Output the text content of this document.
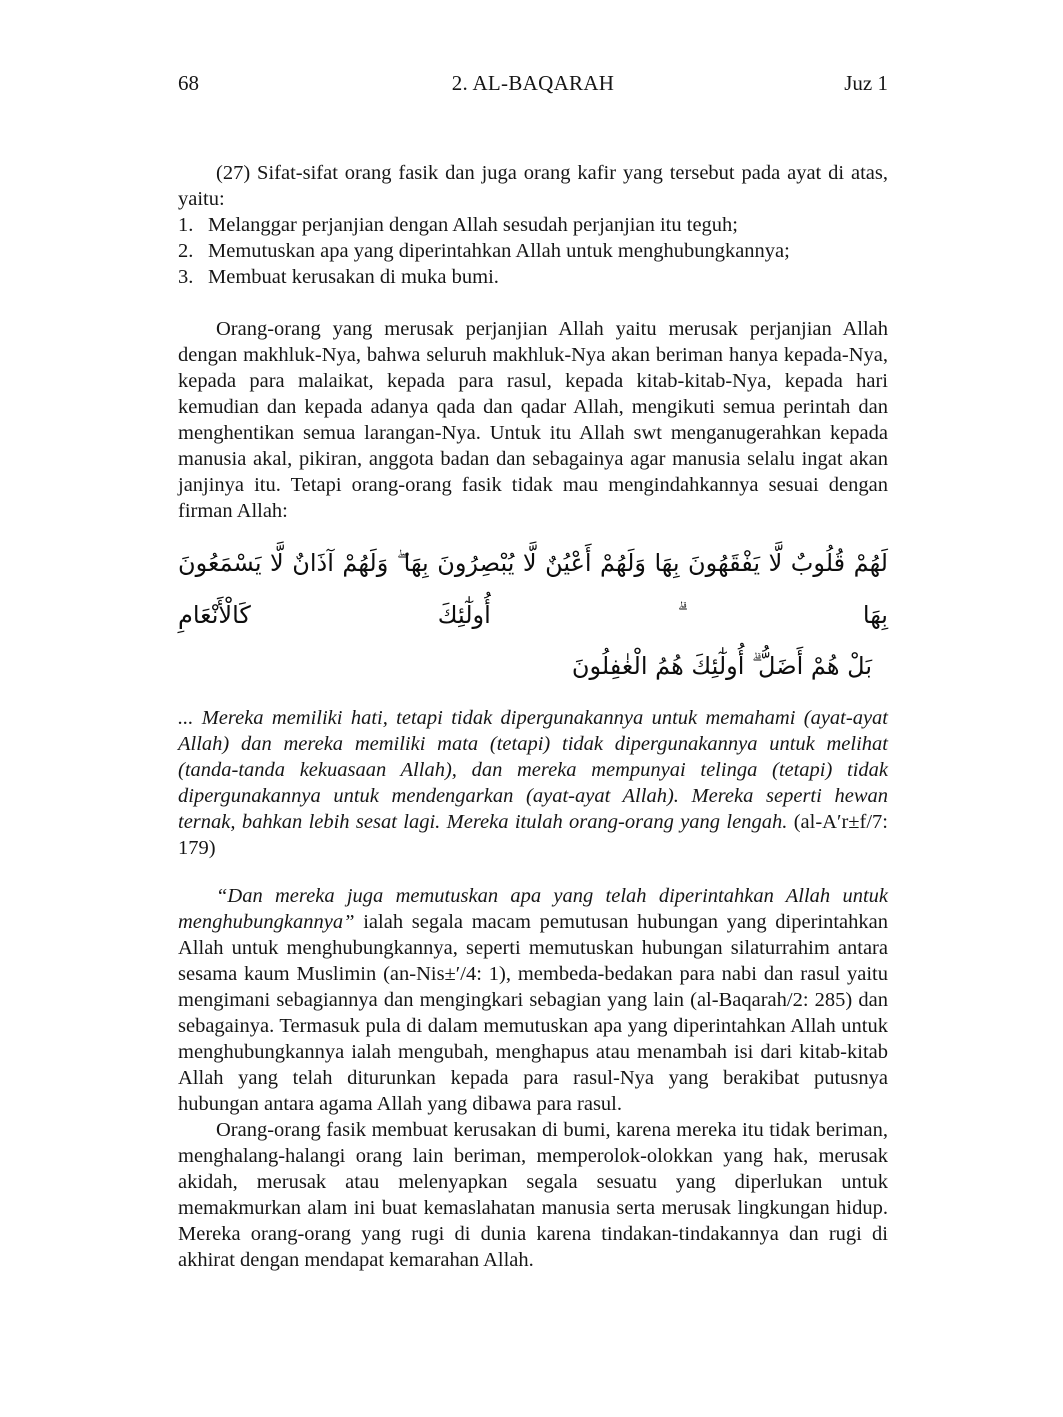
68	2. AL-BAQARAH	Juz 1

(27) Sifat-sifat orang fasik dan juga orang kafir yang tersebut pada ayat di atas, yaitu:

1. Melanggar perjanjian dengan Allah sesudah perjanjian itu teguh;
2. Memutuskan apa yang diperintahkan Allah untuk menghubungkannya;
3. Membuat kerusakan di muka bumi.

Orang-orang yang merusak perjanjian Allah yaitu merusak perjanjian Allah dengan makhluk-Nya, bahwa seluruh makhluk-Nya akan beriman hanya kepada-Nya, kepada para malaikat, kepada para rasul, kepada kitab-kitab-Nya, kepada hari kemudian dan kepada adanya qada dan qadar Allah, mengikuti semua perintah dan menghentikan semua larangan-Nya. Untuk itu Allah swt menganugerahkan kepada manusia akal, pikiran, anggota badan dan sebagainya agar manusia selalu ingat akan janjinya itu. Tetapi orang-orang fasik tidak mau mengindahkannya sesuai dengan firman Allah:

لَهُمْ قُلُوبٌ لَّا يَفْقَهُونَ بِهَا وَلَهُمْ أَعْيُنٌ لَّا يُبْصِرُونَ بِهَا ۖ وَلَهُمْ آذَانٌ لَّا يَسْمَعُونَ بِهَا ۗ أُولٰٓئِكَ كَالْأَنْعَامِ
بَلْ هُمْ أَضَلُّ ۗ أُولٰٓئِكَ هُمُ الْغٰفِلُونَ

... Mereka memiliki hati, tetapi tidak dipergunakannya untuk memahami (ayat-ayat Allah) dan mereka memiliki mata (tetapi) tidak dipergunakannya untuk melihat (tanda-tanda kekuasaan Allah), dan mereka mempunyai telinga (tetapi) tidak dipergunakannya untuk mendengarkan (ayat-ayat Allah). Mereka seperti hewan ternak, bahkan lebih sesat lagi. Mereka itulah orang-orang yang lengah. (al-A′r±f/7: 179)

“Dan mereka juga memutuskan apa yang telah diperintahkan Allah untuk menghubungkannya” ialah segala macam pemutusan hubungan yang diperintahkan Allah untuk menghubungkannya, seperti memutuskan hubungan silaturrahim antara sesama kaum Muslimin (an-Nis±′/4: 1), membeda-bedakan para nabi dan rasul yaitu mengimani sebagiannya dan mengingkari sebagian yang lain (al-Baqarah/2: 285) dan sebagainya. Termasuk pula di dalam memutuskan apa yang diperintahkan Allah untuk menghubungkannya ialah mengubah, menghapus atau menambah isi dari kitab-kitab Allah yang telah diturunkan kepada para rasul-Nya yang berakibat putusnya hubungan antara agama Allah yang dibawa para rasul.

Orang-orang fasik membuat kerusakan di bumi, karena mereka itu tidak beriman, menghalang-halangi orang lain beriman, memperolok-olokkan yang hak, merusak akidah, merusak atau melenyapkan segala sesuatu yang diperlukan untuk memakmurkan alam ini buat kemaslahatan manusia serta merusak lingkungan hidup. Mereka orang-orang yang rugi di dunia karena tindakan-tindakannya dan rugi di akhirat dengan mendapat kemarahan Allah.
